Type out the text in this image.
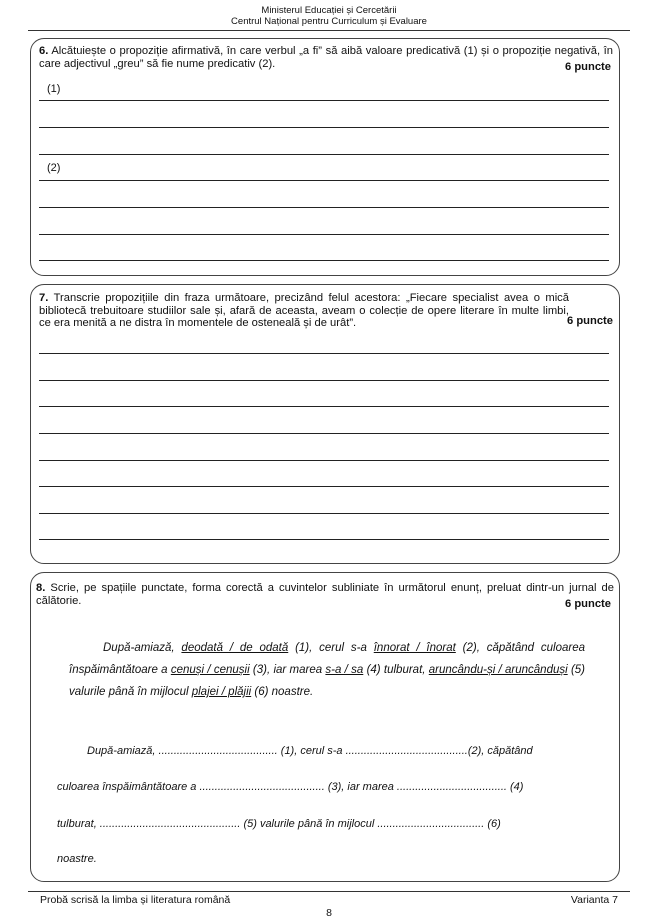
Ministerul Educației și Cercetării
Centrul Național pentru Curriculum și Evaluare
6. Alcătuiește o propoziție afirmativă, în care verbul „a fi” să aibă valoare predicativă (1) și o propoziție negativă, în care adjectivul „greu” să fie nume predicativ (2).	6 puncte
(1)
(2)
7. Transcrie propozițiile din fraza următoare, precizând felul acestora: „Fiecare specialist avea o mică bibliotecă trebuitoare studiilor sale și, afară de aceasta, aveam o colecție de opere literare în multe limbi, ce era menită a ne distra în momentele de osteneală și de urât”.	6 puncte
8. Scrie, pe spațiile punctate, forma corectă a cuvintelor subliniate în următorul enunț, preluat dintr-un jurnal de călătorie.	6 puncte
După-amiază, deodată / de odată (1), cerul s-a înnorat / înorat (2), căpătând culoarea înspăimântătoare a cenuși / cenușii (3), iar marea s-a / sa (4) tulburat, aruncându-și / aruncânduși (5) valurile până în mijlocul plajei / plăjii (6) noastre.
După-amiază, ....................................... (1), cerul s-a ........................................(2), căpătând
culoarea înspăimântătoare a ......................................... (3), iar marea .................................... (4)
tulburat, .............................................. (5) valurile până în mijlocul ................................... (6)
noastre.
Probă scrisă la limba și literatura română	Varianta 7
8
